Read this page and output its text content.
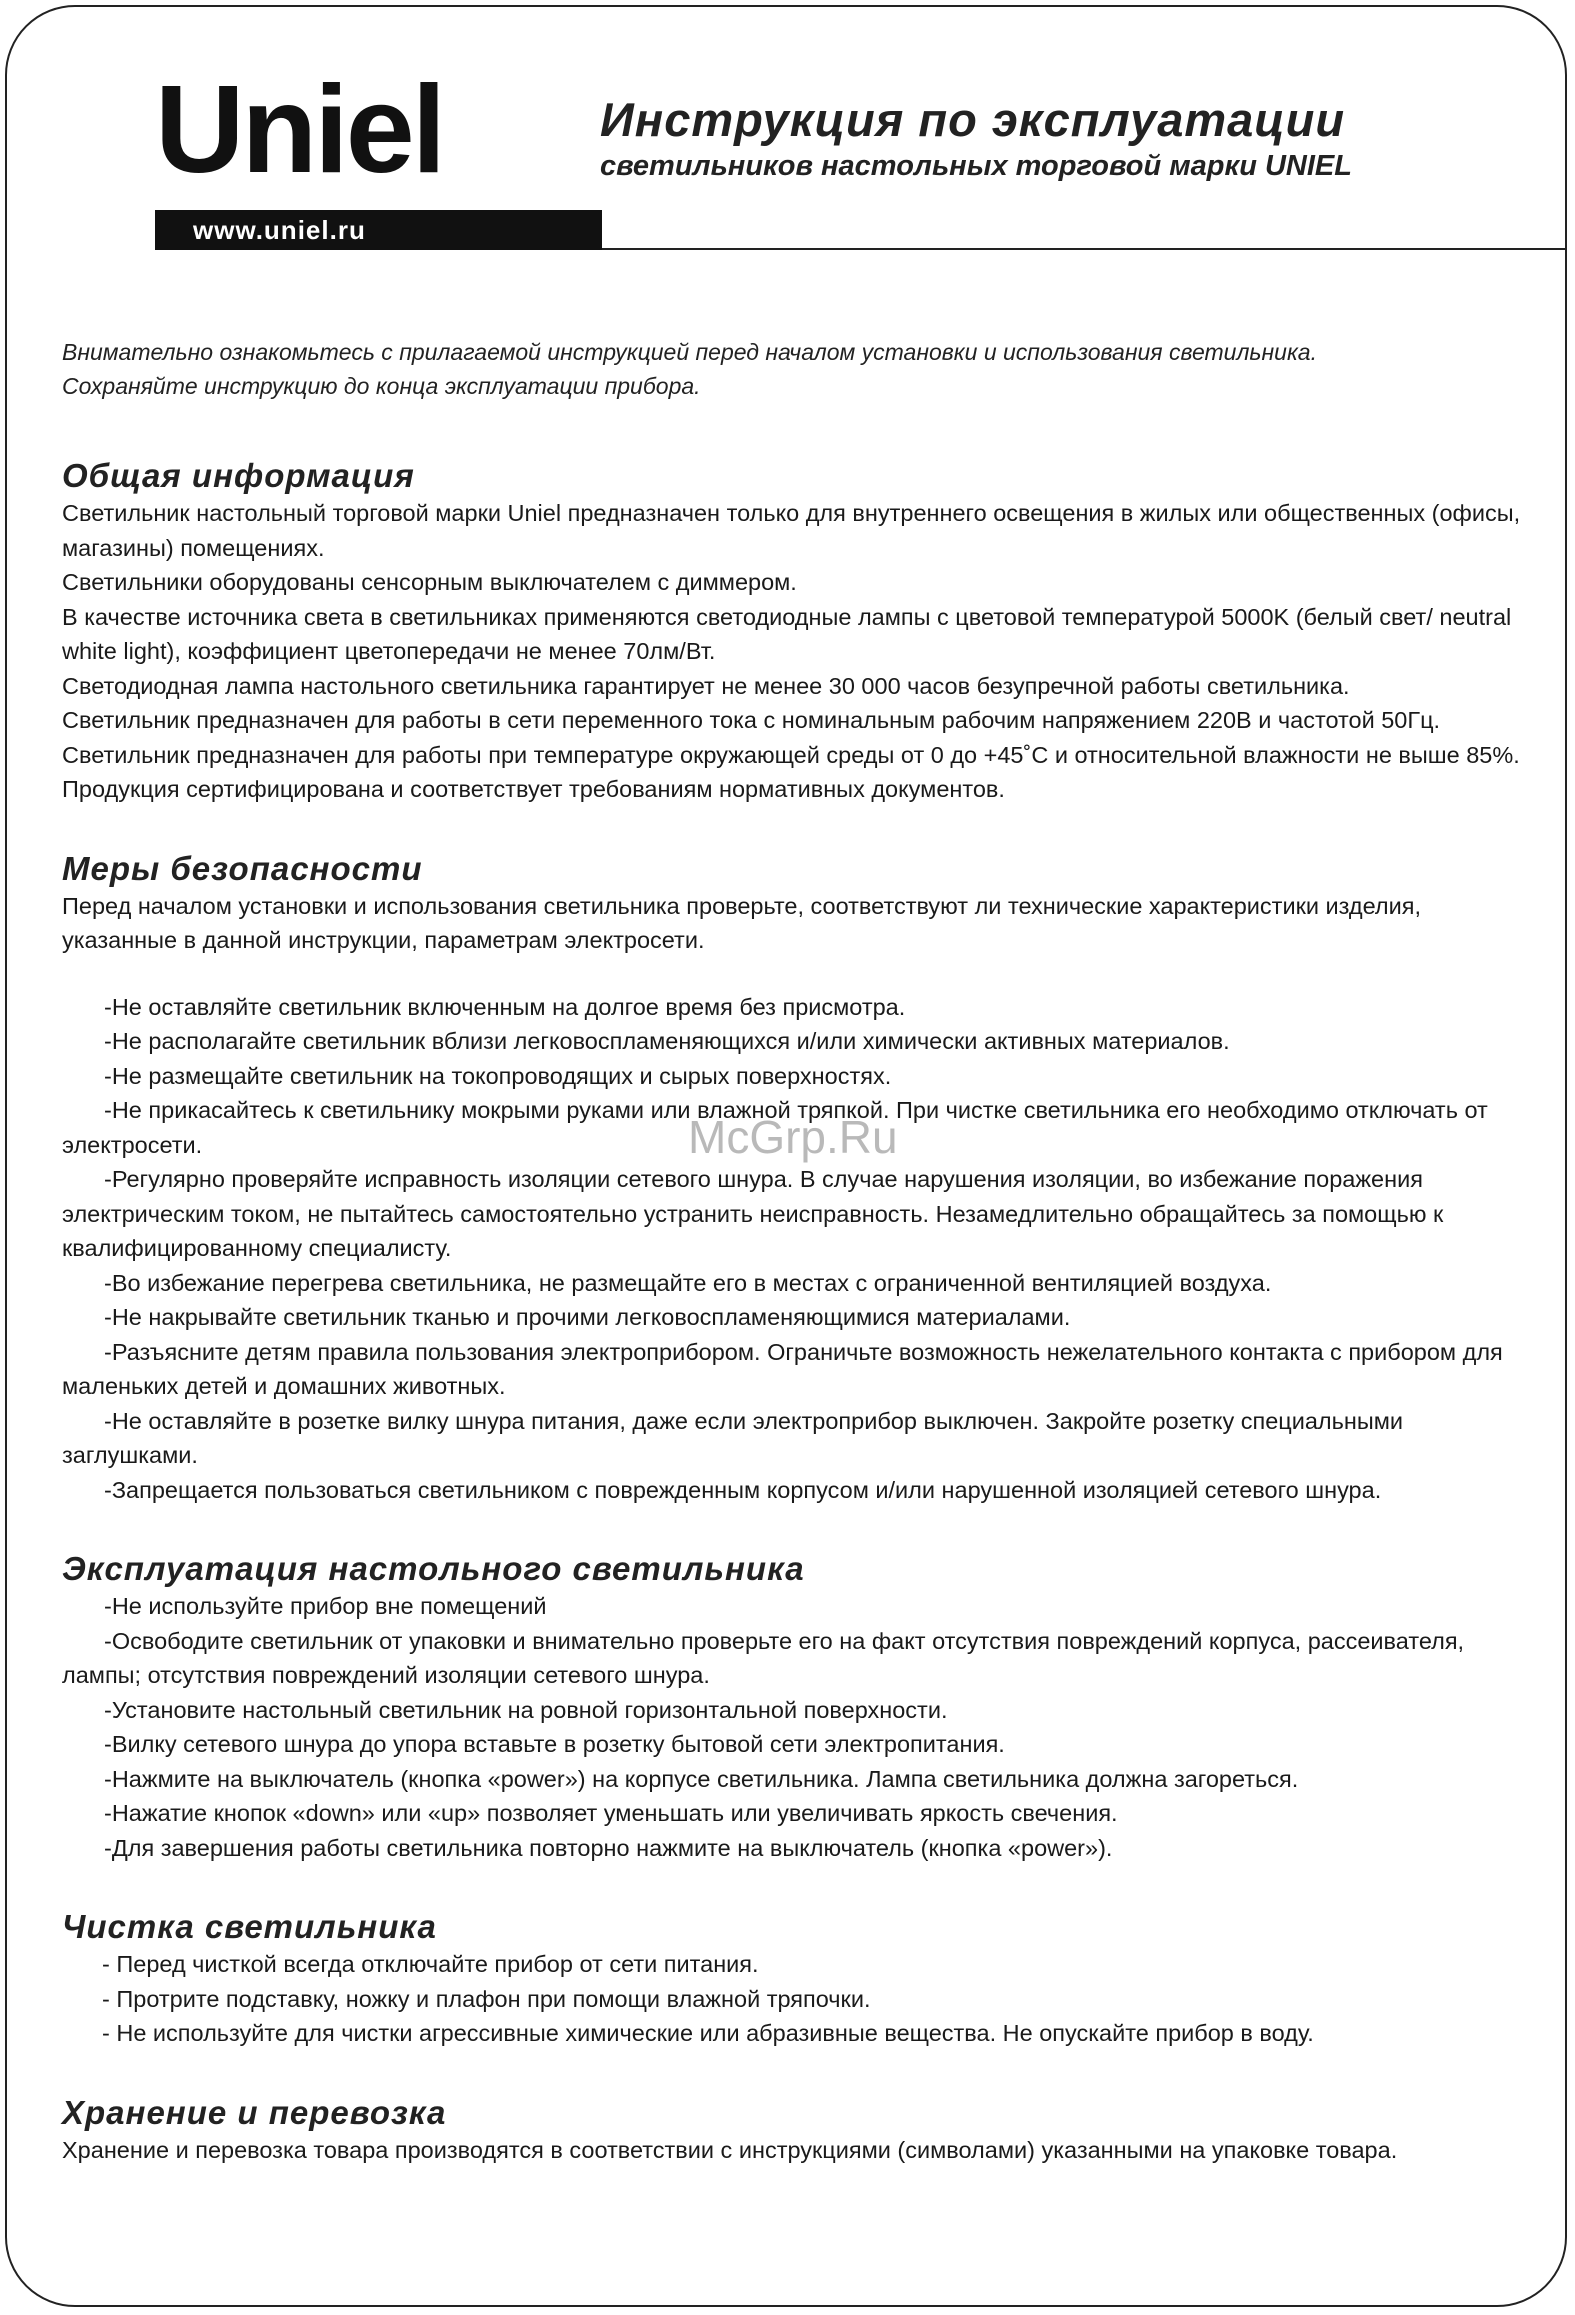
Uniel
www.uniel.ru
Инструкция по эксплуатации
светильников настольных торговой марки UNIEL

Внимательно ознакомьтесь с прилагаемой инструкцией перед началом установки и использования светильника.

Сохраняйте инструкцию до конца эксплуатации прибора.

Общая информация

Светильник настольный торговой марки Uniel предназначен только для внутреннего освещения в жилых или общественных (офисы, магазины) помещениях.

Светильники оборудованы сенсорным выключателем с диммером.

В качестве источника света в светильниках применяются светодиодные лампы с цветовой температурой 5000K (белый свет/ neutral white light), коэффициент цветопередачи не менее 70лм/Вт.

Светодиодная лампа настольного светильника гарантирует не менее 30 000 часов безупречной работы светильника.

Светильник предназначен для работы в сети переменного тока с номинальным рабочим напряжением 220В и частотой 50Гц.

Светильник предназначен для работы при температуре окружающей среды от 0 до +45˚С и относительной влажности не выше 85%.

Продукция сертифицирована и соответствует требованиям нормативных документов.

Меры безопасности

Перед началом установки и использования светильника проверьте, соответствуют ли технические характеристики изделия, указанные в данной инструкции, параметрам электросети.

-Не оставляйте светильник включенным на долгое время без присмотра.

-Не располагайте светильник вблизи легковоспламеняющихся и/или химически активных материалов.

-Не размещайте светильник на токопроводящих и сырых поверхностях.

-Не прикасайтесь к светильнику мокрыми руками или влажной тряпкой. При чистке светильника его необходимо отключать от электросети.

-Регулярно проверяйте исправность изоляции сетевого шнура. В случае нарушения изоляции, во избежание поражения электрическим током, не пытайтесь самостоятельно устранить неисправность. Незамедлительно обращайтесь за помощью к квалифицированному специалисту.

-Во избежание перегрева светильника, не размещайте его в местах с ограниченной вентиляцией воздуха.

-Не накрывайте светильник тканью и прочими легковоспламеняющимися материалами.

-Разъясните детям правила пользования электроприбором. Ограничьте возможность нежелательного контакта с прибором для маленьких детей и домашних животных.

-Не оставляйте в розетке вилку шнура питания, даже если электроприбор выключен. Закройте розетку специальными заглушками.

-Запрещается пользоваться светильником с поврежденным корпусом и/или нарушенной изоляцией сетевого шнура.

Эксплуатация настольного светильника

-Не используйте прибор вне помещений

-Освободите светильник от упаковки и внимательно проверьте его на факт отсутствия повреждений корпуса, рассеивателя, лампы; отсутствия повреждений изоляции сетевого шнура.

-Установите настольный светильник на ровной горизонтальной поверхности.

-Вилку сетевого шнура до упора вставьте в розетку бытовой сети электропитания.

-Нажмите на выключатель (кнопка «power») на корпусе светильника. Лампа светильника должна загореться.

-Нажатие кнопок «down» или «up» позволяет уменьшать или увеличивать яркость свечения.

-Для завершения работы светильника повторно нажмите на выключатель (кнопка «power»).

Чистка светильника

- Перед чисткой всегда отключайте прибор от сети питания.

- Протрите подставку, ножку и плафон при помощи влажной тряпочки.

- Не используйте для чистки агрессивные химические или абразивные вещества. Не опускайте прибор в воду.

Хранение и перевозка

Хранение и перевозка товара производятся в соответствии с инструкциями (символами) указанными на упаковке товара.

McGrp.Ru
